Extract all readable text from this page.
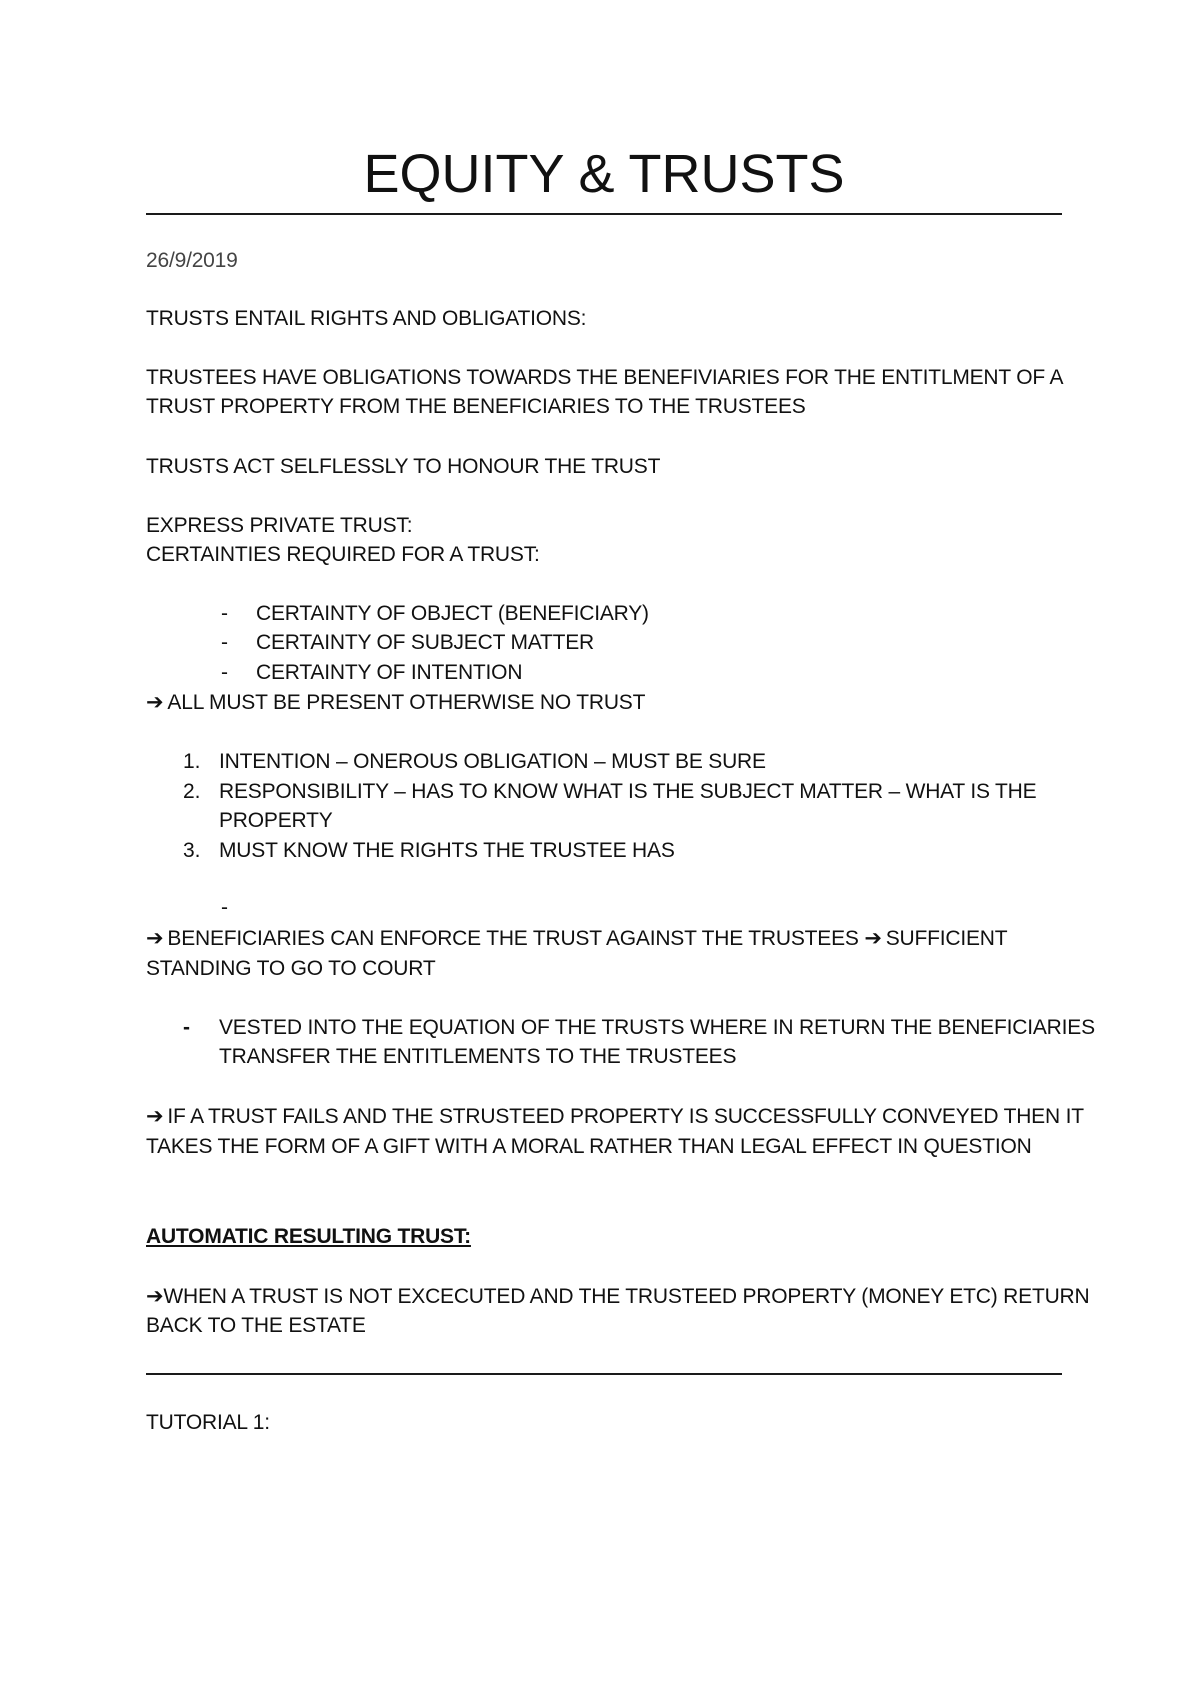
EQUITY & TRUSTS
26/9/2019
TRUSTS ENTAIL RIGHTS AND OBLIGATIONS:
TRUSTEES HAVE OBLIGATIONS TOWARDS THE BENEFIVIARIES FOR THE ENTITLMENT OF A
TRUST PROPERTY FROM THE BENEFICIARIES TO THE TRUSTEES
TRUSTS ACT SELFLESSLY TO HONOUR THE TRUST
EXPRESS PRIVATE TRUST:
CERTAINTIES REQUIRED FOR A TRUST:
- CERTAINTY OF OBJECT (BENEFICIARY)
- CERTAINTY OF SUBJECT MATTER
- CERTAINTY OF INTENTION
➔ ALL MUST BE PRESENT OTHERWISE NO TRUST
1. INTENTION – ONEROUS OBLIGATION – MUST BE SURE
2. RESPONSIBILITY – HAS TO KNOW WHAT IS THE SUBJECT MATTER – WHAT IS THE
PROPERTY
3. MUST KNOW THE RIGHTS THE TRUSTEE HAS
-
➔ BENEFICIARIES CAN ENFORCE THE TRUST AGAINST THE TRUSTEES ➔ SUFFICIENT
STANDING TO GO TO COURT
- VESTED INTO THE EQUATION OF THE TRUSTS WHERE IN RETURN THE BENEFICIARIES
TRANSFER THE ENTITLEMENTS TO THE TRUSTEES
➔ IF A TRUST FAILS AND THE STRUSTEED PROPERTY IS SUCCESSFULLY CONVEYED THEN IT
TAKES THE FORM OF A GIFT WITH A MORAL RATHER THAN LEGAL EFFECT IN QUESTION
AUTOMATIC RESULTING TRUST:
➔WHEN A TRUST IS NOT EXCECUTED AND THE TRUSTEED PROPERTY (MONEY ETC) RETURN
BACK TO THE ESTATE
TUTORIAL 1:
